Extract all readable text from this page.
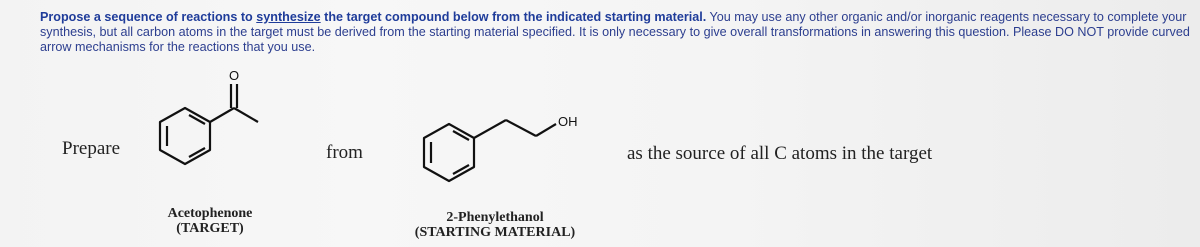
Propose a sequence of reactions to synthesize the target compound below from the indicated starting material. You may use any other organic and/or inorganic reagents necessary to complete your synthesis, but all carbon atoms in the target must be derived from the starting material specified. It is only necessary to give overall transformations in answering this question. Please DO NOT provide curved arrow mechanisms for the reactions that you use.
Prepare	from	as the source of all C atoms in the target
O
OH
Acetophenone
(TARGET)
2-Phenylethanol
(STARTING MATERIAL)
